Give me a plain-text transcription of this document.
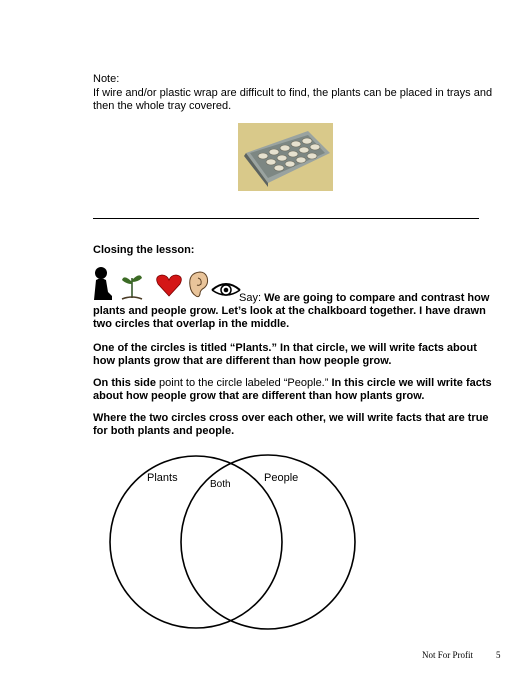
Note:
If wire and/or plastic wrap are difficult to find, the plants can be placed in trays and then the whole tray covered.
Closing the lesson:
Say: We are going to compare and contrast how plants and people grow. Let’s look at the chalkboard together. I have drawn two circles that overlap in the middle.
One of the circles is titled “Plants.” In that circle, we will write facts about how plants grow that are different than how people grow.
On this side point to the circle labeled “People.” In this circle we will write facts about how people grow that are different than how plants grow.
Where the two circles cross over each other, we will write facts that are true for both plants and people.
Plants
Both
People
Not For Profit	5
